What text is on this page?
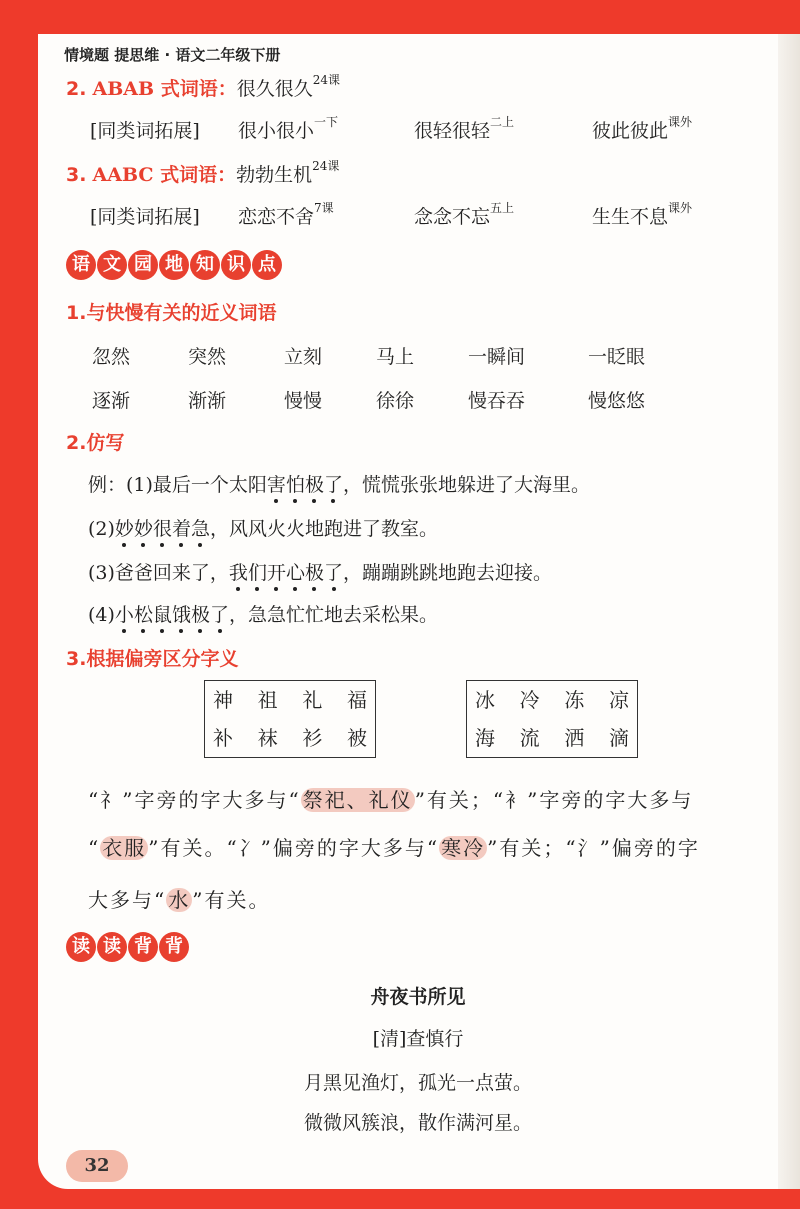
情境题 提思维 · 语文二年级下册
2. ABAB 式词语：很久很久$^{24课}$
[同类词拓展] 很小很小$^{一下}$	很轻很轻$^{二上}$	彼此彼此$^{课外}$
3. AABC 式词语：勃勃生机$^{24课}$
[同类词拓展] 恋恋不舍$^{7课}$	念念不忘$^{五上}$	生生不息$^{课外}$
语 文 园 地 知 识 点
1.与快慢有关的近义词语
忽然	突然	立刻	马上	一瞬间	一眨眼
逐渐	渐渐	慢慢	徐徐	慢吞吞	慢悠悠
2.仿写
例：(1)最后一个太阳害怕极了，慌慌张张地躲进了大海里。
(2)妙妙很着急，风风火火地跑进了教室。
(3)爸爸回来了，我们开心极了，蹦蹦跳跳地跑去迎接。
(4)小松鼠饿极了，急急忙忙地去采松果。
3.根据偏旁区分字义
神 祖 礼 福
补 袜 衫 被
冰 冷 冻 凉
海 流 洒 滴
“礻”字旁的字大多与“ 祭祀、礼仪 ”有关；“衤”字旁的字大多与
“ 衣服 ”有关。“冫”偏旁的字大多与“ 寒冷 ”有关；“氵”偏旁的字
大多与“ 水 ”有关。
读 读 背 背
舟夜书所见
[清]查慎行
月黑见渔灯，孤光一点萤。
微微风簇浪，散作满河星。
32
